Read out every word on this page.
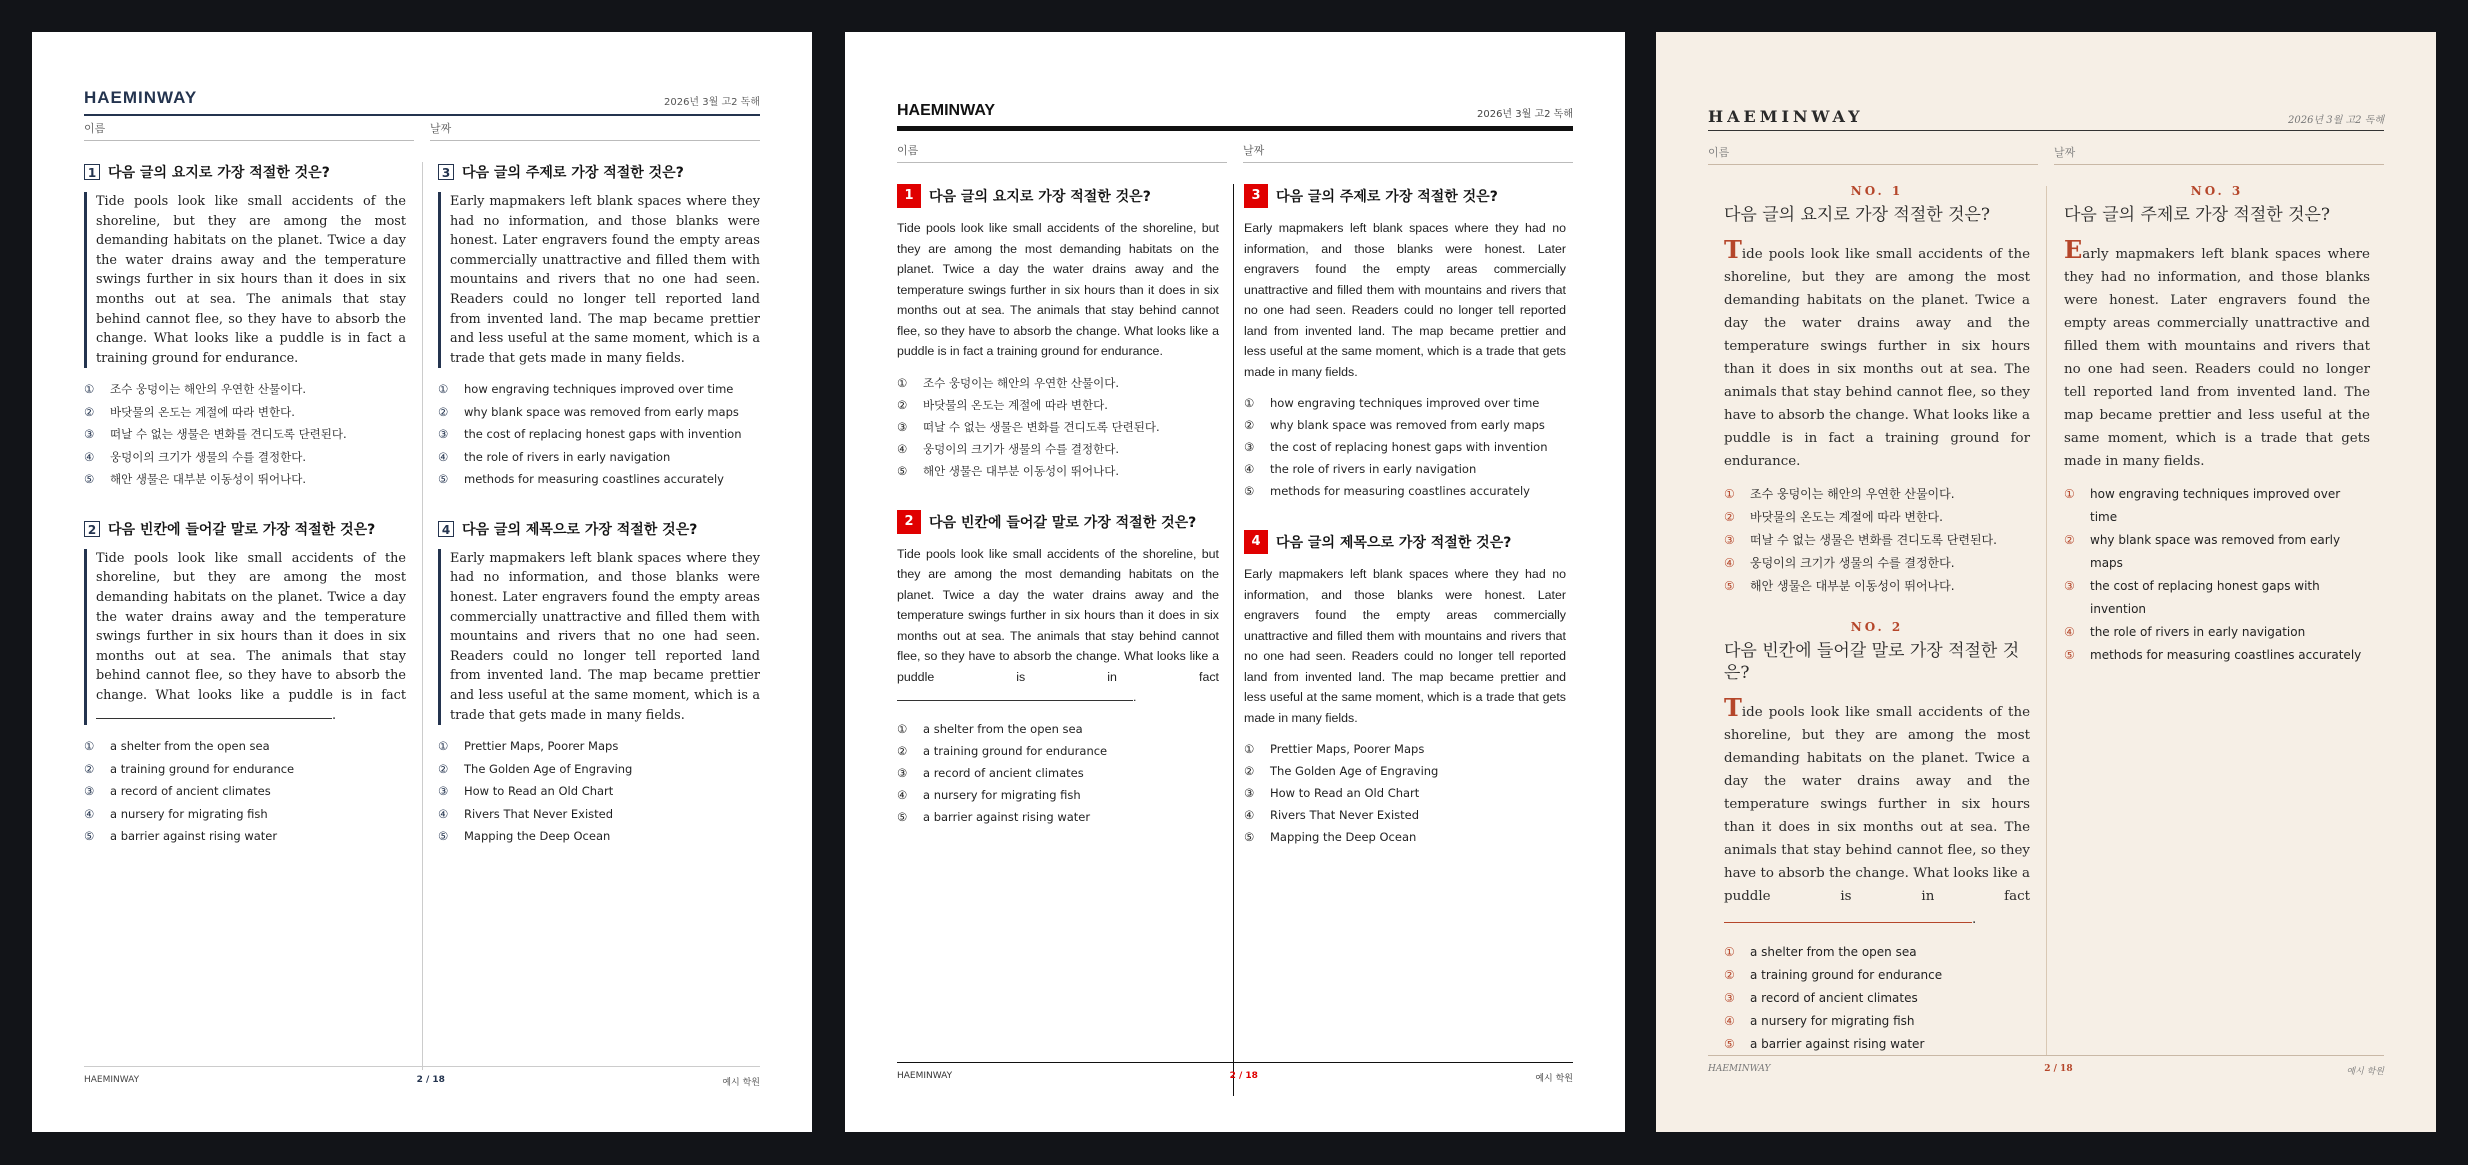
HAEMINWAY	2026년 3월 고2 독해
이름	날짜
1 다음 글의 요지로 가장 적절한 것은?
Tide pools look like small accidents of the shoreline, but they are among the most demanding habitats on the planet. Twice a day the water drains away and the temperature swings further in six hours than it does in six months out at sea. The animals that stay behind cannot flee, so they have to absorb the change. What looks like a puddle is in fact a training ground for endurance.
①	조수 웅덩이는 해안의 우연한 산물이다.
②	바닷물의 온도는 계절에 따라 변한다.
③	떠날 수 없는 생물은 변화를 견디도록 단련된다.
④	웅덩이의 크기가 생물의 수를 결정한다.
⑤	해안 생물은 대부분 이동성이 뛰어나다.
2 다음 빈칸에 들어갈 말로 가장 적절한 것은?
Tide pools look like small accidents of the shoreline, but they are among the most demanding habitats on the planet. Twice a day the water drains away and the temperature swings further in six hours than it does in six months out at sea. The animals that stay behind cannot flee, so they have to absorb the change. What looks like a puddle is in fact .
①	a shelter from the open sea
②	a training ground for endurance
③	a record of ancient climates
④	a nursery for migrating fish
⑤	a barrier against rising water
3 다음 글의 주제로 가장 적절한 것은?
Early mapmakers left blank spaces where they had no information, and those blanks were honest. Later engravers found the empty areas commercially unattractive and filled them with mountains and rivers that no one had seen. Readers could no longer tell reported land from invented land. The map became prettier and less useful at the same moment, which is a trade that gets made in many fields.
①	how engraving techniques improved over time
②	why blank space was removed from early maps
③	the cost of replacing honest gaps with invention
④	the role of rivers in early navigation
⑤	methods for measuring coastlines accurately
4 다음 글의 제목으로 가장 적절한 것은?
Early mapmakers left blank spaces where they had no information, and those blanks were honest. Later engravers found the empty areas commercially unattractive and filled them with mountains and rivers that no one had seen. Readers could no longer tell reported land from invented land. The map became prettier and less useful at the same moment, which is a trade that gets made in many fields.
①	Prettier Maps, Poorer Maps
②	The Golden Age of Engraving
③	How to Read an Old Chart
④	Rivers That Never Existed
⑤	Mapping the Deep Ocean
HAEMINWAY	2 / 18	예시 학원
HAEMINWAY	2026년 3월 고2 독해
이름	날짜
1	다음 글의 요지로 가장 적절한 것은?
Tide pools look like small accidents of the shoreline, but they are among the most demanding habitats on the planet. Twice a day the water drains away and the temperature swings further in six hours than it does in six months out at sea. The animals that stay behind cannot flee, so they have to absorb the change. What looks like a puddle is in fact a training ground for endurance.
①	조수 웅덩이는 해안의 우연한 산물이다.
②	바닷물의 온도는 계절에 따라 변한다.
③	떠날 수 없는 생물은 변화를 견디도록 단련된다.
④	웅덩이의 크기가 생물의 수를 결정한다.
⑤	해안 생물은 대부분 이동성이 뛰어나다.
2	다음 빈칸에 들어갈 말로 가장 적절한 것은?
Tide pools look like small accidents of the shoreline, but they are among the most demanding habitats on the planet. Twice a day the water drains away and the temperature swings further in six hours than it does in six months out at sea. The animals that stay behind cannot flee, so they have to absorb the change. What looks like a puddle is in fact .
①	a shelter from the open sea
②	a training ground for endurance
③	a record of ancient climates
④	a nursery for migrating fish
⑤	a barrier against rising water
3	다음 글의 주제로 가장 적절한 것은?
Early mapmakers left blank spaces where they had no information, and those blanks were honest. Later engravers found the empty areas commercially unattractive and filled them with mountains and rivers that no one had seen. Readers could no longer tell reported land from invented land. The map became prettier and less useful at the same moment, which is a trade that gets made in many fields.
①	how engraving techniques improved over time
②	why blank space was removed from early maps
③	the cost of replacing honest gaps with invention
④	the role of rivers in early navigation
⑤	methods for measuring coastlines accurately
4	다음 글의 제목으로 가장 적절한 것은?
Early mapmakers left blank spaces where they had no information, and those blanks were honest. Later engravers found the empty areas commercially unattractive and filled them with mountains and rivers that no one had seen. Readers could no longer tell reported land from invented land. The map became prettier and less useful at the same moment, which is a trade that gets made in many fields.
①	Prettier Maps, Poorer Maps
②	The Golden Age of Engraving
③	How to Read an Old Chart
④	Rivers That Never Existed
⑤	Mapping the Deep Ocean
HAEMINWAY	2 / 18	예시 학원
HAEMINWAY	2026년 3월 고2 독해
이름	날짜
NO. 1
다음 글의 요지로 가장 적절한 것은?
Tide pools look like small accidents of the shoreline, but they are among the most demanding habitats on the planet. Twice a day the water drains away and the temperature swings further in six hours than it does in six months out at sea. The animals that stay behind cannot flee, so they have to absorb the change. What looks like a puddle is in fact a training ground for endurance.
①	조수 웅덩이는 해안의 우연한 산물이다.
②	바닷물의 온도는 계절에 따라 변한다.
③	떠날 수 없는 생물은 변화를 견디도록 단련된다.
④	웅덩이의 크기가 생물의 수를 결정한다.
⑤	해안 생물은 대부분 이동성이 뛰어나다.
NO. 2
다음 빈칸에 들어갈 말로 가장 적절한 것은?
Tide pools look like small accidents of the shoreline, but they are among the most demanding habitats on the planet. Twice a day the water drains away and the temperature swings further in six hours than it does in six months out at sea. The animals that stay behind cannot flee, so they have to absorb the change. What looks like a puddle is in fact .
①	a shelter from the open sea
②	a training ground for endurance
③	a record of ancient climates
④	a nursery for migrating fish
⑤	a barrier against rising water
NO. 3
다음 글의 주제로 가장 적절한 것은?
Early mapmakers left blank spaces where they had no information, and those blanks were honest. Later engravers found the empty areas commercially unattractive and filled them with mountains and rivers that no one had seen. Readers could no longer tell reported land from invented land. The map became prettier and less useful at the same moment, which is a trade that gets made in many fields.
①	how engraving techniques improved over time
②	why blank space was removed from early maps
③	the cost of replacing honest gaps with invention
④	the role of rivers in early navigation
⑤	methods for measuring coastlines accurately
HAEMINWAY	2 / 18	예시 학원
